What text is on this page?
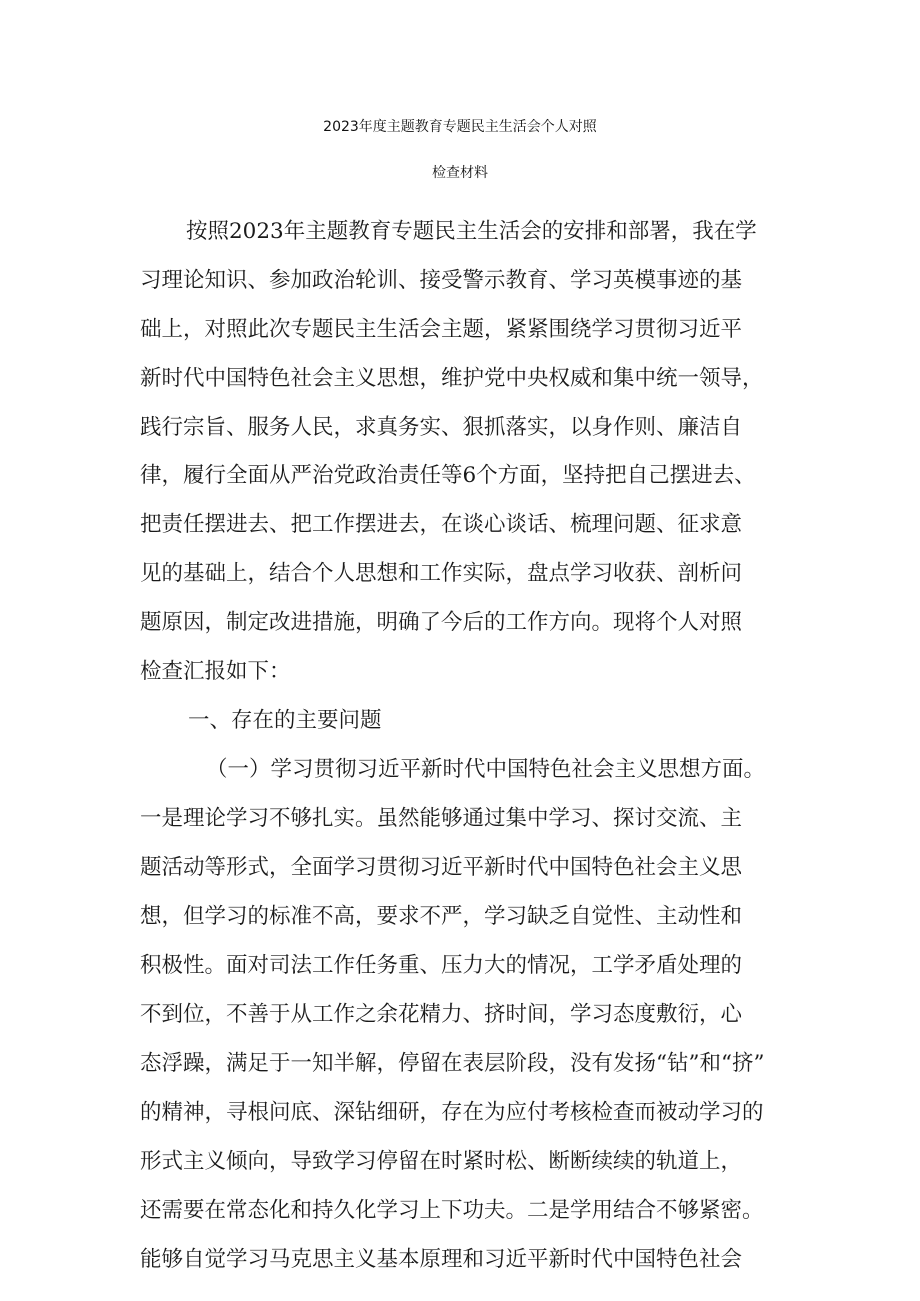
2023年度主题教育专题民主生活会个人对照
检查材料
按照2023年主题教育专题民主生活会的安排和部署，我在学
习理论知识、参加政治轮训、接受警示教育、学习英模事迹的基
础上，对照此次专题民主生活会主题，紧紧围绕学习贯彻习近平
新时代中国特色社会主义思想，维护党中央权威和集中统一领导，
践行宗旨、服务人民，求真务实、狠抓落实，以身作则、廉洁自
律，履行全面从严治党政治责任等6个方面，坚持把自己摆进去、
把责任摆进去、把工作摆进去，在谈心谈话、梳理问题、征求意
见的基础上，结合个人思想和工作实际，盘点学习收获、剖析问
题原因，制定改进措施，明确了今后的工作方向。现将个人对照
检查汇报如下：
一、存在的主要问题
（一）学习贯彻习近平新时代中国特色社会主义思想方面。
一是理论学习不够扎实。虽然能够通过集中学习、探讨交流、主
题活动等形式，全面学习贯彻习近平新时代中国特色社会主义思
想，但学习的标准不高，要求不严，学习缺乏自觉性、主动性和
积极性。面对司法工作任务重、压力大的情况，工学矛盾处理的
不到位，不善于从工作之余花精力、挤时间，学习态度敷衍，心
态浮躁，满足于一知半解，停留在表层阶段，没有发扬“钻”和“挤”
的精神，寻根问底、深钻细研，存在为应付考核检查而被动学习的
形式主义倾向，导致学习停留在时紧时松、断断续续的轨道上，
还需要在常态化和持久化学习上下功夫。二是学用结合不够紧密。
能够自觉学习马克思主义基本原理和习近平新时代中国特色社会
